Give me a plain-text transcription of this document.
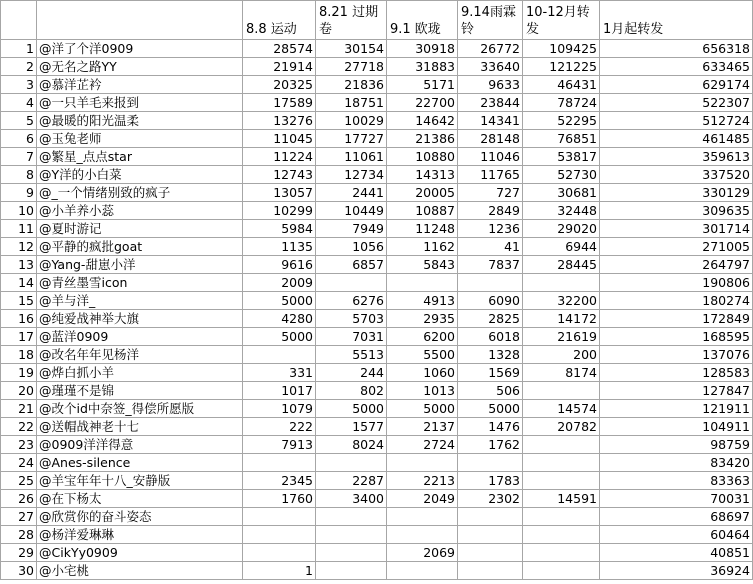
		8.8 运动	8.21 过期卷	9.1 欧珑	9.14雨霖铃	10-12月转发	1月起转发
1	@洋了个洋0909	28574	30154	30918	26772	109425	656318
2	@无名之路YY	21914	27718	31883	33640	121225	633465
3	@慕洋芷衿	20325	21836	5171	9633	46431	629174
4	@一只羊毛来报到	17589	18751	22700	23844	78724	522307
5	@最暖的阳光温柔	13276	10029	14642	14341	52295	512724
6	@玉兔老师	11045	17727	21386	28148	76851	461485
7	@繁星_点点star	11224	11061	10880	11046	53817	359613
8	@Y洋的小白菜	12743	12734	14313	11765	52730	337520
9	@_一个情绪别致的疯子	13057	2441	20005	727	30681	330129
10	@小羊养小蕊	10299	10449	10887	2849	32448	309635
11	@夏时游记	5984	7949	11248	1236	29020	301714
12	@平静的疯批goat	1135	1056	1162	41	6944	271005
13	@Yang-甜崽小洋	9616	6857	5843	7837	28445	264797
14	@青丝墨雪icon	2009					190806
15	@羊与洋_	5000	6276	4913	6090	32200	180274
16	@纯爱战神举大旗	4280	5703	2935	2825	14172	172849
17	@蓝洋0909	5000	7031	6200	6018	21619	168595
18	@改名年年见杨洋		5513	5500	1328	200	137076
19	@烨白抓小羊	331	244	1060	1569	8174	128583
20	@瑾瑾不是锦	1017	802	1013	506		127847
21	@改个id中奈签_得偿所愿版	1079	5000	5000	5000	14574	121911
22	@送帽战神老十七	222	1577	2137	1476	20782	104911
23	@0909洋洋得意	7913	8024	2724	1762		98759
24	@Anes-silence						83420
25	@羊宝年年十八_安静版	2345	2287	2213	1783		83363
26	@在下杨太	1760	3400	2049	2302	14591	70031
27	@欣赏你的奋斗姿态						68697
28	@杨洋爱琳琳						60464
29	@CikYy0909			2069			40851
30	@小宅桃	1					36924
